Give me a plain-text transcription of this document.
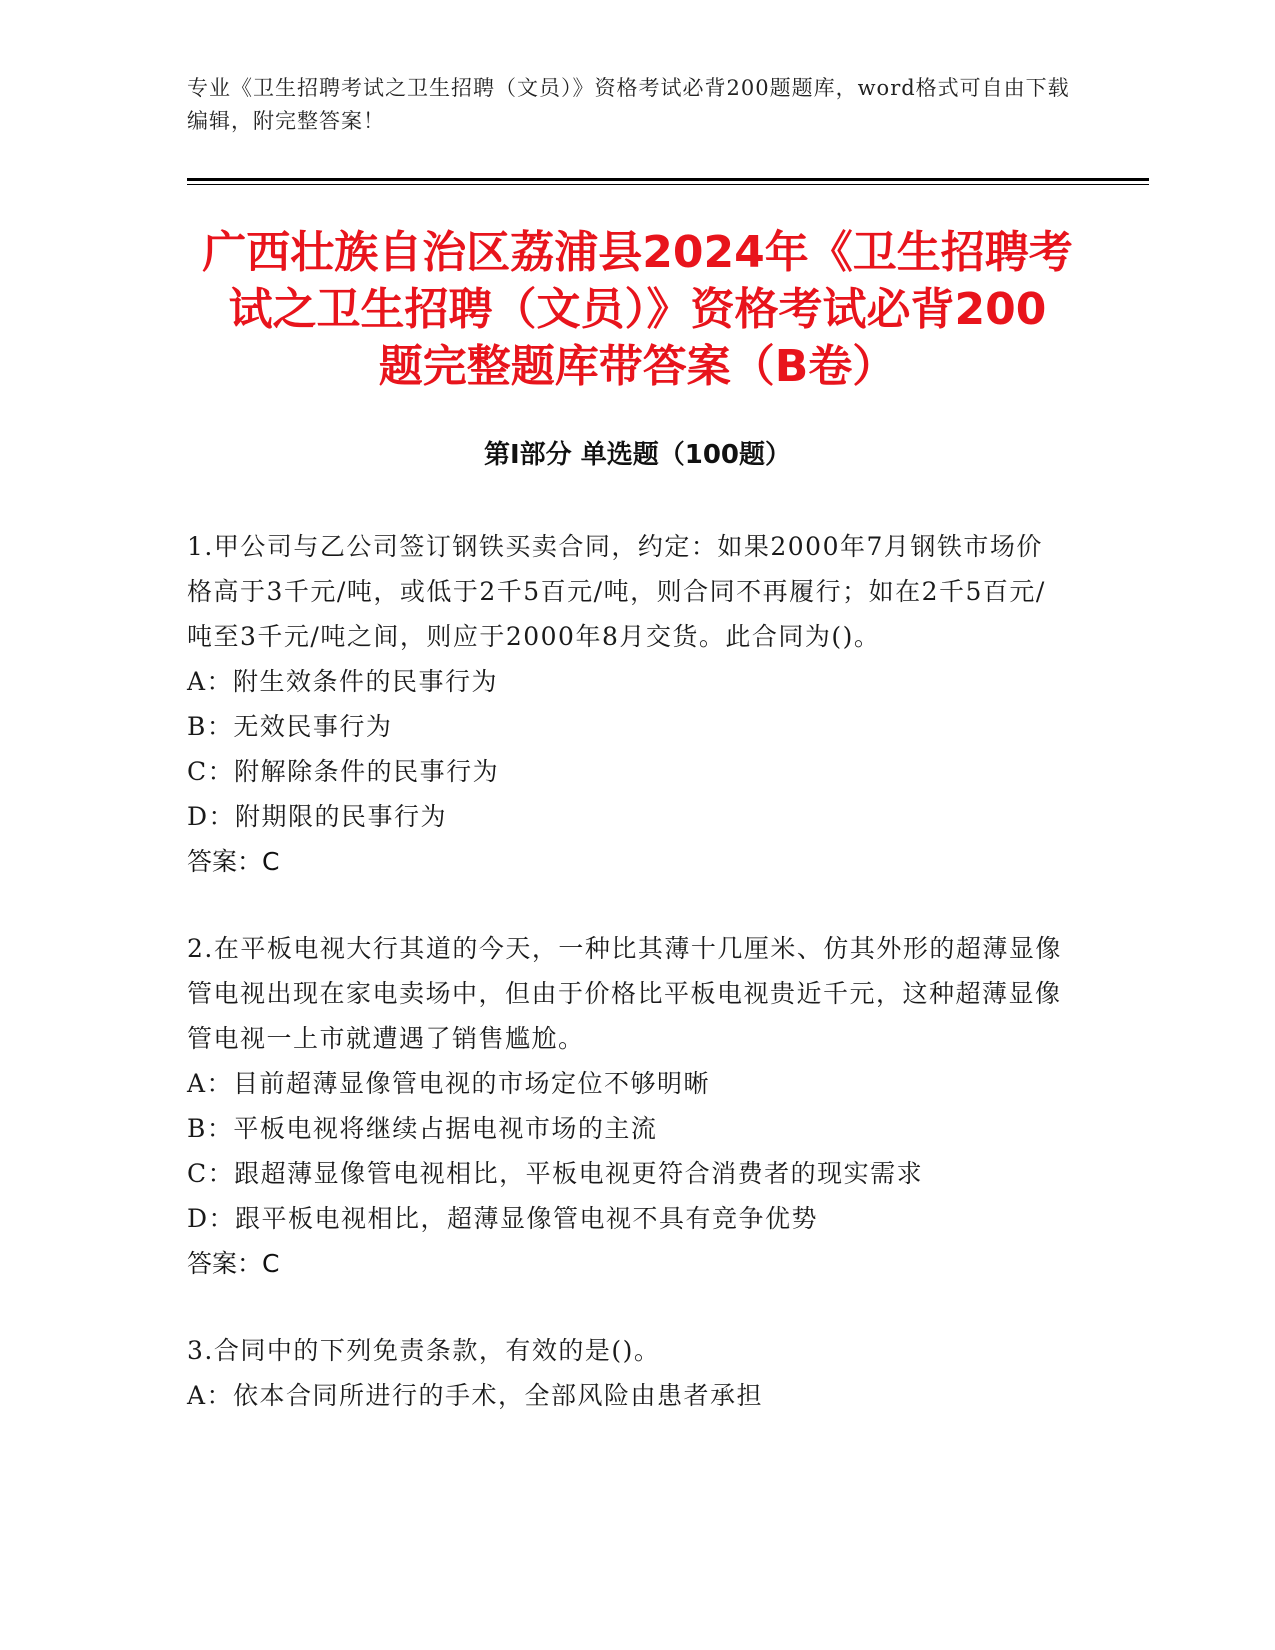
专业《卫生招聘考试之卫生招聘（文员）》资格考试必背200题题库，word格式可自由下载编辑，附完整答案！
广西壮族自治区荔浦县2024年《卫生招聘考
试之卫生招聘（文员）》资格考试必背200
题完整题库带答案（B卷）
第Ⅰ部分 单选题（100题）
1.甲公司与乙公司签订钢铁买卖合同，约定：如果2000年7月钢铁市场价格高于3千元/吨，或低于2千5百元/吨，则合同不再履行；如在2千5百元/吨至3千元/吨之间，则应于2000年8月交货。此合同为()。
A：附生效条件的民事行为
B：无效民事行为
C：附解除条件的民事行为
D：附期限的民事行为
答案：C
2.在平板电视大行其道的今天，一种比其薄十几厘米、仿其外形的超薄显像管电视出现在家电卖场中，但由于价格比平板电视贵近千元，这种超薄显像管电视一上市就遭遇了销售尴尬。
A：目前超薄显像管电视的市场定位不够明晰
B：平板电视将继续占据电视市场的主流
C：跟超薄显像管电视相比，平板电视更符合消费者的现实需求
D：跟平板电视相比，超薄显像管电视不具有竞争优势
答案：C
3.合同中的下列免责条款，有效的是()。
A：依本合同所进行的手术，全部风险由患者承担
